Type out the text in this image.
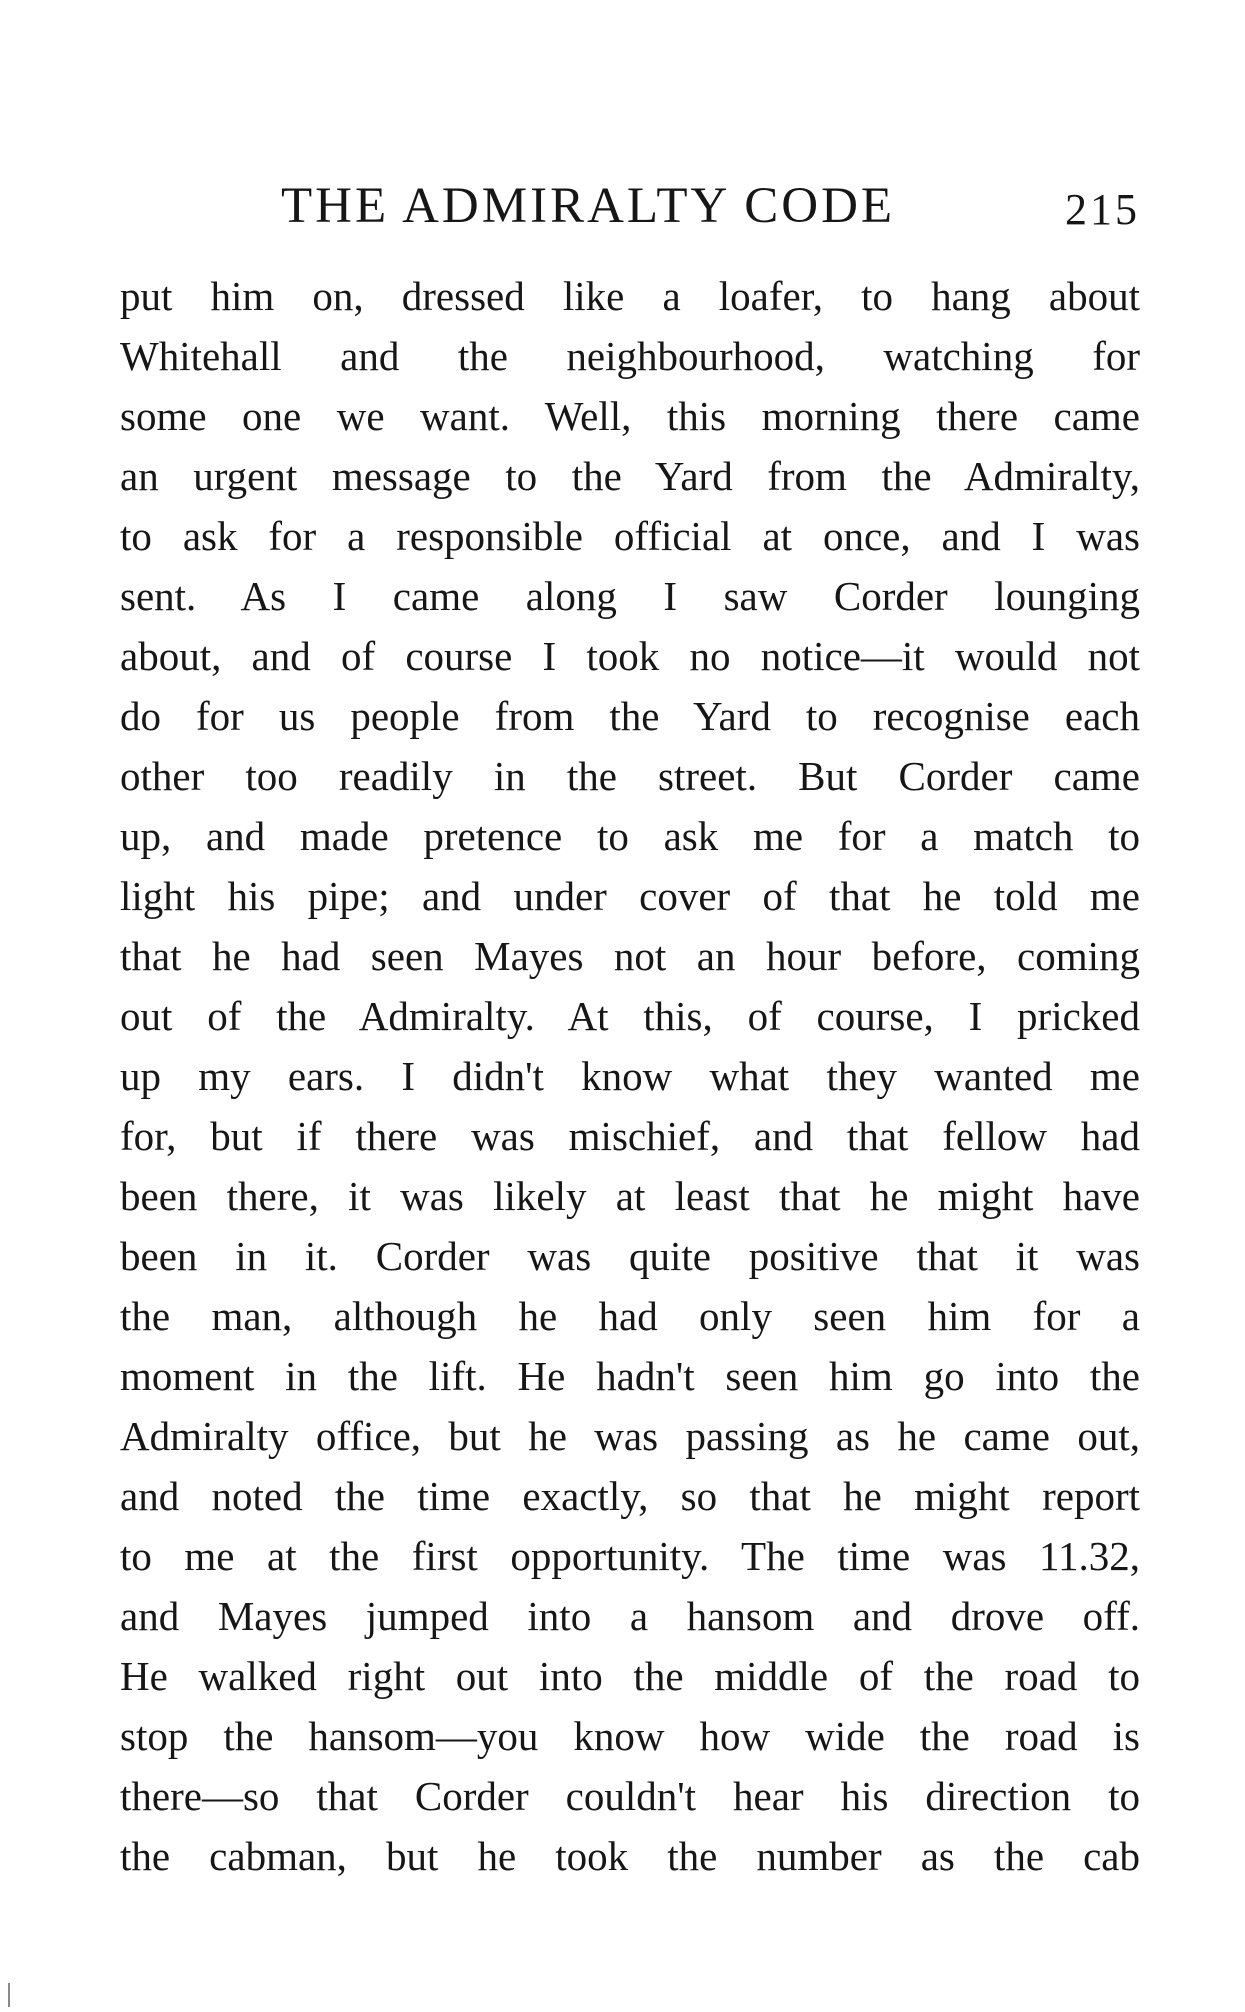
THE ADMIRALTY CODE	215

put him on, dressed like a loafer, to hang about
Whitehall and the neighbourhood, watching for
some one we want. Well, this morning there came
an urgent message to the Yard from the Admiralty,
to ask for a responsible official at once, and I was
sent. As I came along I saw Corder lounging
about, and of course I took no notice—it would not
do for us people from the Yard to recognise each
other too readily in the street. But Corder came
up, and made pretence to ask me for a match to
light his pipe; and under cover of that he told me
that he had seen Mayes not an hour before, coming
out of the Admiralty. At this, of course, I pricked
up my ears. I didn't know what they wanted me
for, but if there was mischief, and that fellow had
been there, it was likely at least that he might have
been in it. Corder was quite positive that it was
the man, although he had only seen him for a
moment in the lift. He hadn't seen him go into the
Admiralty office, but he was passing as he came out,
and noted the time exactly, so that he might report
to me at the first opportunity. The time was 11.32,
and Mayes jumped into a hansom and drove off.
He walked right out into the middle of the road to
stop the hansom—you know how wide the road is
there—so that Corder couldn't hear his direction to
the cabman, but he took the number as the cab
